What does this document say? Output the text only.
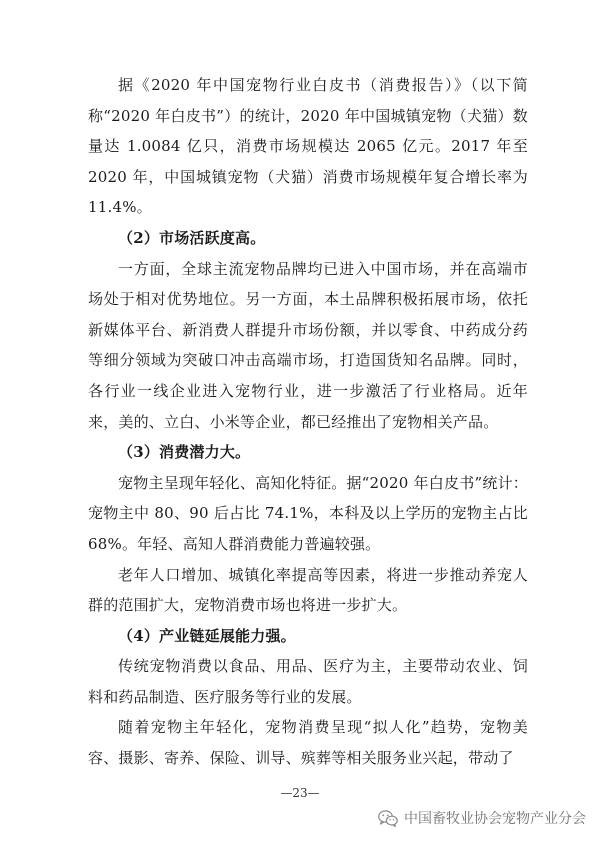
据《2020 年中国宠物行业白皮书（消费报告）》（以下简称“2020 年白皮书”）的统计，2020 年中国城镇宠物（犬猫）数量达 1.0084 亿只，消费市场规模达 2065 亿元。2017 年至 2020 年，中国城镇宠物（犬猫）消费市场规模年复合增长率为 11.4%。

（2）市场活跃度高。

一方面，全球主流宠物品牌均已进入中国市场，并在高端市场处于相对优势地位。另一方面，本土品牌积极拓展市场，依托新媒体平台、新消费人群提升市场份额，并以零食、中药成分药等细分领域为突破口冲击高端市场，打造国货知名品牌。同时，各行业一线企业进入宠物行业，进一步激活了行业格局。近年来，美的、立白、小米等企业，都已经推出了宠物相关产品。

（3）消费潜力大。

宠物主呈现年轻化、高知化特征。据“2020 年白皮书”统计：宠物主中 80、90 后占比 74.1%，本科及以上学历的宠物主占比 68%。年轻、高知人群消费能力普遍较强。

老年人口增加、城镇化率提高等因素，将进一步推动养宠人群的范围扩大，宠物消费市场也将进一步扩大。

（4）产业链延展能力强。

传统宠物消费以食品、用品、医疗为主，主要带动农业、饲料和药品制造、医疗服务等行业的发展。

随着宠物主年轻化，宠物消费呈现“拟人化”趋势，宠物美容、摄影、寄养、保险、训导、殡葬等相关服务业兴起，带动了

—23—
中国畜牧业协会宠物产业分会
